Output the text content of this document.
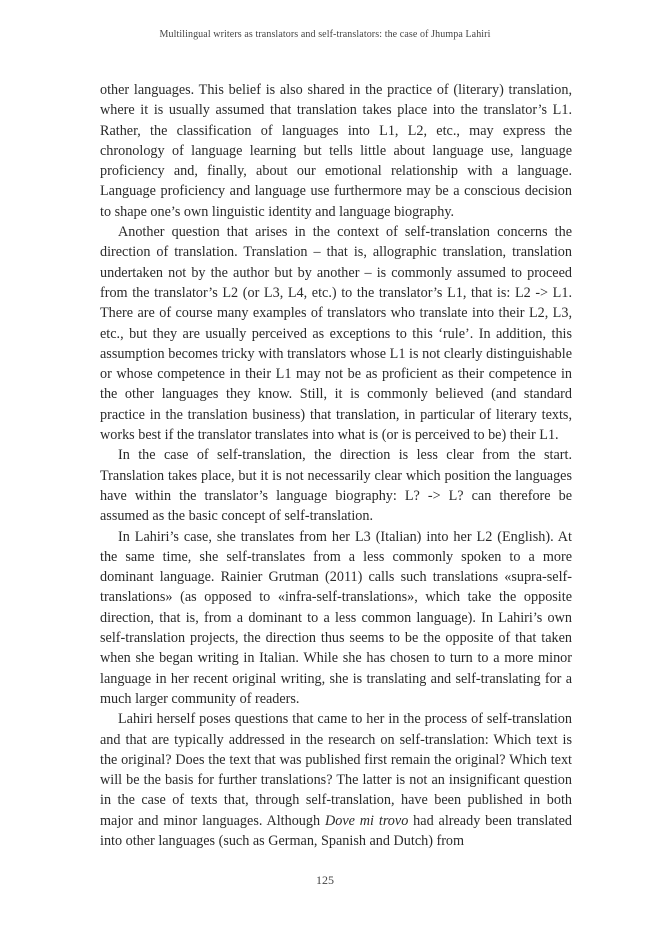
Multilingual writers as translators and self-translators: the case of Jhumpa Lahiri

other languages. This belief is also shared in the practice of (literary) translation, where it is usually assumed that translation takes place into the translator’s L1. Rather, the classification of languages into L1, L2, etc., may express the chronology of language learning but tells little about language use, language proficiency and, finally, about our emotional relationship with a language. Language proficiency and language use furthermore may be a conscious decision to shape one’s own linguistic identity and language biography.

Another question that arises in the context of self-translation concerns the direction of translation. Translation – that is, allographic translation, translation undertaken not by the author but by another – is commonly assumed to proceed from the translator’s L2 (or L3, L4, etc.) to the translator’s L1, that is: L2 -> L1. There are of course many examples of translators who translate into their L2, L3, etc., but they are usually perceived as exceptions to this ‘rule’. In addition, this assumption becomes tricky with translators whose L1 is not clearly distinguishable or whose competence in their L1 may not be as proficient as their competence in the other languages they know. Still, it is commonly believed (and standard practice in the translation business) that translation, in particular of literary texts, works best if the translator translates into what is (or is perceived to be) their L1.

In the case of self-translation, the direction is less clear from the start. Translation takes place, but it is not necessarily clear which position the languages have within the translator’s language biography: L? -> L? can therefore be assumed as the basic concept of self-translation.

In Lahiri’s case, she translates from her L3 (Italian) into her L2 (English). At the same time, she self-translates from a less commonly spoken to a more dominant language. Rainier Grutman (2011) calls such translations «supra-self-translations» (as opposed to «infra-self-translations», which take the opposite direction, that is, from a dominant to a less common language). In Lahiri’s own self-translation projects, the direction thus seems to be the opposite of that taken when she began writing in Italian. While she has chosen to turn to a more minor language in her recent original writing, she is translating and self-translating for a much larger community of readers.

Lahiri herself poses questions that came to her in the process of self-translation and that are typically addressed in the research on self-translation: Which text is the original? Does the text that was published first remain the original? Which text will be the basis for further translations? The latter is not an insignificant question in the case of texts that, through self-translation, have been published in both major and minor languages. Although Dove mi trovo had already been translated into other languages (such as German, Spanish and Dutch) from

125
